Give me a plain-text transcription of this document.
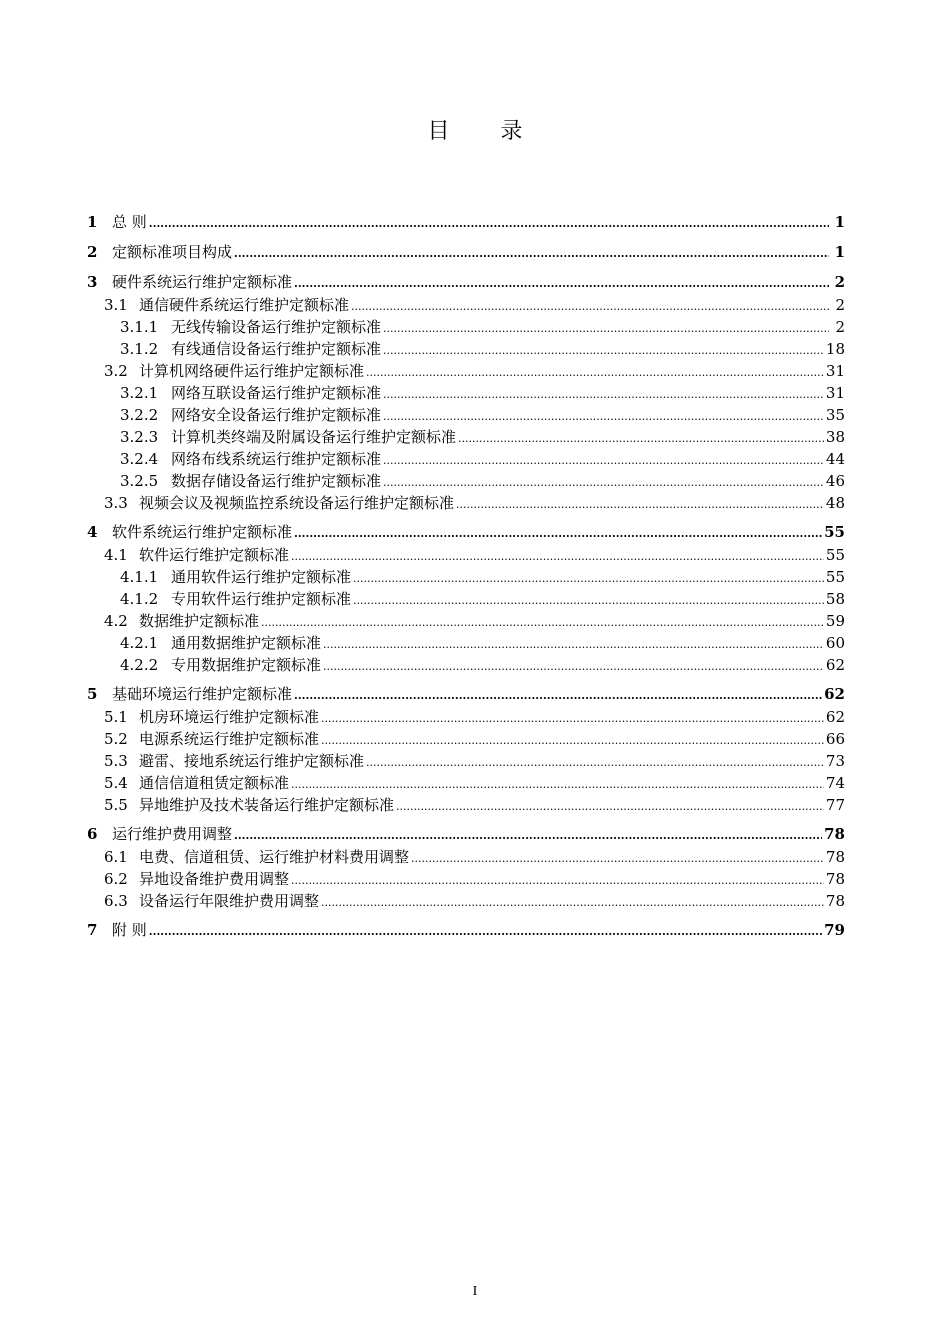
目 录
1 总 则 .....	1
2 定额标准项目构成 .....	1
3 硬件系统运行维护定额标准 .....	2
3.1 通信硬件系统运行维护定额标准 .....	2
3.1.1 无线传输设备运行维护定额标准 .....	2
3.1.2 有线通信设备运行维护定额标准 .....	18
3.2 计算机网络硬件运行维护定额标准 .....	31
3.2.1 网络互联设备运行维护定额标准 .....	31
3.2.2 网络安全设备运行维护定额标准 .....	35
3.2.3 计算机类终端及附属设备运行维护定额标准 .....	38
3.2.4 网络布线系统运行维护定额标准 .....	44
3.2.5 数据存储设备运行维护定额标准 .....	46
3.3 视频会议及视频监控系统设备运行维护定额标准 .....	48
4 软件系统运行维护定额标准 .....	55
4.1 软件运行维护定额标准 .....	55
4.1.1 通用软件运行维护定额标准 .....	55
4.1.2 专用软件运行维护定额标准 .....	58
4.2 数据维护定额标准 .....	59
4.2.1 通用数据维护定额标准 .....	60
4.2.2 专用数据维护定额标准 .....	62
5 基础环境运行维护定额标准 .....	62
5.1 机房环境运行维护定额标准 .....	62
5.2 电源系统运行维护定额标准 .....	66
5.3 避雷、接地系统运行维护定额标准 .....	73
5.4 通信信道租赁定额标准 .....	74
5.5 异地维护及技术装备运行维护定额标准 .....	77
6 运行维护费用调整 .....	78
6.1 电费、信道租赁、运行维护材料费用调整 .....	78
6.2 异地设备维护费用调整 .....	78
6.3 设备运行年限维护费用调整 .....	78
7 附 则 .....	79
I
